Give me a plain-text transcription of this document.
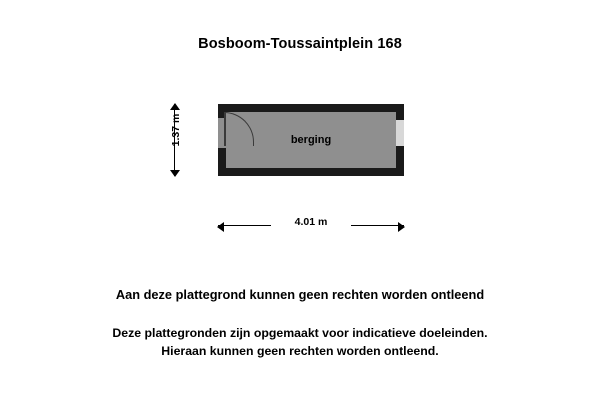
Bosboom-Toussaintplein 168
1.37 m	berging
4.01 m
Aan deze plattegrond kunnen geen rechten worden ontleend
Deze plattegronden zijn opgemaakt voor indicatieve doeleinden.
Hieraan kunnen geen rechten worden ontleend.
